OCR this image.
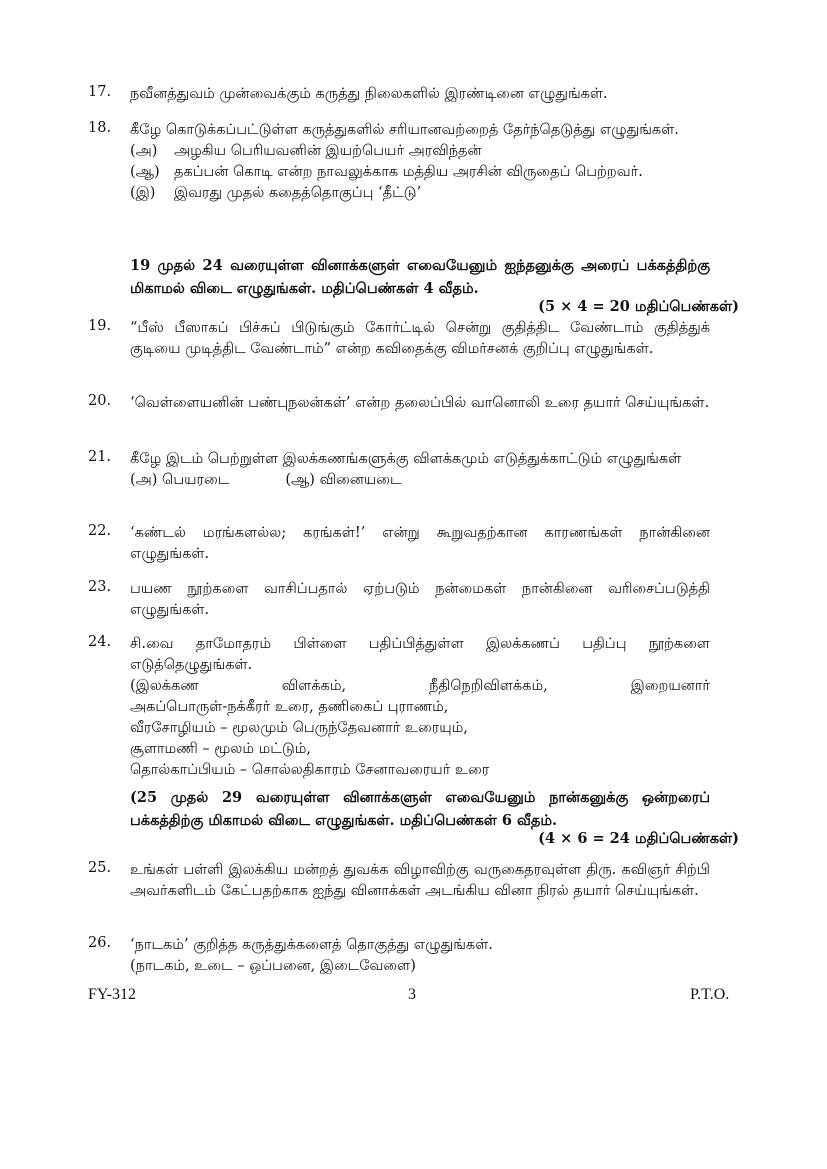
17.	நவீனத்துவம் முன்வைக்கும் கருத்து நிலைகளில் இரண்டினை எழுதுங்கள்.

18.	கீழே கொடுக்கப்பட்டுள்ள கருத்துகளில் சரியானவற்றைத் தேர்ந்தெடுத்து எழுதுங்கள்.

(அ)	அழகிய பெரியவனின் இயற்பெயர் அரவிந்தன்
(ஆ) தகப்பன் கொடி என்ற நாவலுக்காக மத்திய அரசின் விருதைப் பெற்றவர்.
(இ)	இவரது முதல் கதைத்தொகுப்பு ‘தீட்டு’
19 முதல் 24 வரையுள்ள வினாக்களுள் எவையேனும் ஐந்தனுக்கு அரைப் பக்கத்திற்கு மிகாமல் விடை எழுதுங்கள். மதிப்பெண்கள் 4 வீதம்.
(5 × 4 = 20 மதிப்பெண்கள்)
19.	“பீஸ் பீஸாகப் பிச்சுப் பிடுங்கும் கோர்ட்டில் சென்று குதித்திட வேண்டாம் குதித்துக் குடியை முடித்திட வேண்டாம்” என்ற கவிதைக்கு விமர்சனக் குறிப்பு எழுதுங்கள்.

20.	‘வெள்ளையனின் பண்புநலன்கள்’ என்ற தலைப்பில் வானொலி உரை தயார் செய்யுங்கள்.

21.	கீழே இடம் பெற்றுள்ள இலக்கணங்களுக்கு விளக்கமும் எடுத்துக்காட்டும் எழுதுங்கள்

(அ) பெயரடை	(ஆ) வினையடை
22.	‘கண்டல் மரங்களல்ல; கரங்கள்!’ என்று கூறுவதற்கான காரணங்கள் நான்கினை எழுதுங்கள்.

23.	பயண நூற்களை வாசிப்பதால் ஏற்படும் நன்மைகள் நான்கினை வரிசைப்படுத்தி எழுதுங்கள்.

24.	சி.வை தாமோதரம் பிள்ளை பதிப்பித்துள்ள இலக்கணப் பதிப்பு நூற்களை எடுத்தெழுதுங்கள்.

(இலக்கண விளக்கம், நீதிநெறிவிளக்கம், இறையனார்

அகப்பொருள்-நக்கீரர் உரை, தணிகைப் புராணம்,

வீரசோழியம் – மூலமும் பெருந்தேவனார் உரையும்,

சூளாமணி – மூலம் மட்டும்,

தொல்காப்பியம் – சொல்லதிகாரம் சேனாவரையர் உரை

(25 முதல் 29 வரையுள்ள வினாக்களுள் எவையேனும் நான்கனுக்கு ஒன்றரைப் பக்கத்திற்கு மிகாமல் விடை எழுதுங்கள். மதிப்பெண்கள் 6 வீதம்.
(4 × 6 = 24 மதிப்பெண்கள்)
25.	உங்கள் பள்ளி இலக்கிய மன்றத் துவக்க விழாவிற்கு வருகைதரவுள்ள திரு. கவிஞர் சிற்பி அவர்களிடம் கேட்பதற்காக ஐந்து வினாக்கள் அடங்கிய வினா நிரல் தயார் செய்யுங்கள்.

26.	‘நாடகம்’ குறித்த கருத்துக்களைத் தொகுத்து எழுதுங்கள்.

(நாடகம், உடை – ஒப்பனை, இடைவேளை)

FY-312	3	P.T.O.
